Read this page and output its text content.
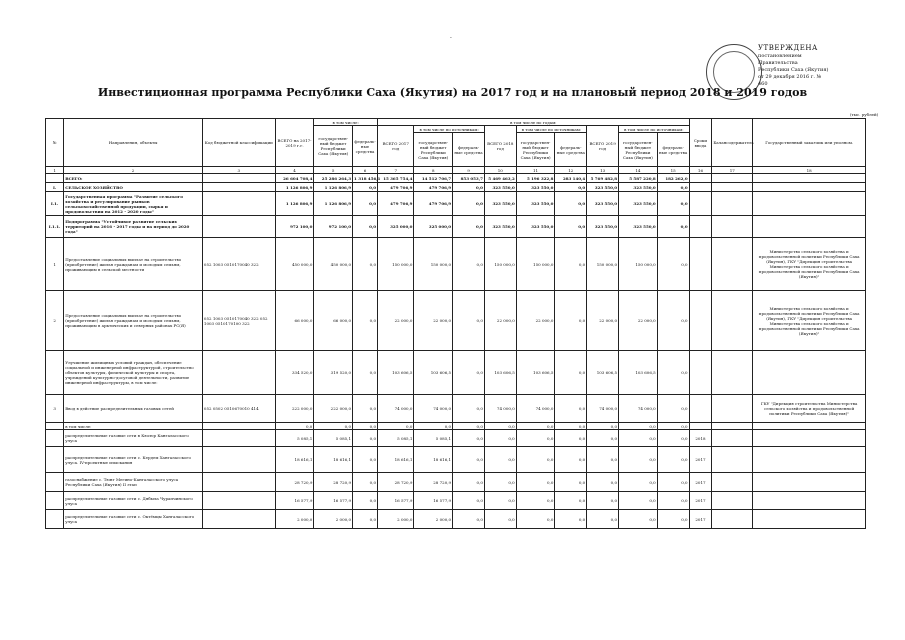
·
УТВЕРЖДЕНА
постановлением Правительства
Республики Саха (Якутия)
от 29 декабря 2016 г. № 460
Инвестиционная программа Республики Саха (Якутия) на 2017 год и на плановый период 2018 и 2019 годов
(тыс. рублей)
№	Направления, объекты	Код бюджетной классификации	ВСЕГО на 2017-2019 г.г.	в том числе:		в том числе по годам:									Сроки ввода	Балансодержатель	Государственный заказчик или уполном.
				государствен-ный бюджет Республики Саха (Якутия)	федераль-ные средства	ВСЕГО 2017 год	в том числе по источникам:		ВСЕГО 2018 год	в том числе по источникам:		ВСЕГО 2019 год	в том числе по источникам:				
							государствен-ный бюджет Республики Саха (Якутия)	федераль-ные средства		государствен-ный бюджет Республики Саха (Якутия)	федераль-ные средства		государствен-ный бюджет Республики Саха (Якутия)	федераль-ные средства			
1	2	3	4	5	6	7	8	9	10	11	12	13	14	15	16	17	18
	ВСЕГО:		26 604 708,4	25 286 264,3	1 318 456,1	15 365 754,4	14 512 706,7	853 053,7	5 469 463,2	5 196 322,8	283 140,4	5 769 482,8	5 587 220,8	182 262,0			
I.	СЕЛЬСКОЕ ХОЗЯЙСТВО		1 126 806,9	1 126 806,9	0,0	479 706,9	479 706,9	0,0	323 550,0	323 550,0	0,0	323 550,0	323 550,0	0,0			
I.1.	Государственная программа "Развитие сельского хозяйства и регулирование рынков сельскохозяйственной продукции, сырья и продовольствия на 2012 - 2020 годы"		1 126 806,9	1 126 806,9	0,0	479 706,9	479 706,9	0,0	323 550,0	323 550,0	0,0	323 550,0	323 550,0	0,0			
I.1.1.	Подпрограмма "Устойчивое развитие сельских территорий на 2016 - 2017 годы и на период до 2020 года"		972 100,0	972 100,0	0,0	325 000,0	325 000,0	0,0	323 550,0	323 550,0	0,0	323 550,0	323 550,0	0,0			
1	Предоставление социальных выплат на строительство (приобретение) жилья гражданам и молодым семьям, проживающим в сельской местности	052 1003 0510170040 322	450 000,0	450 000,0	0,0	150 000,0	150 000,0	0,0	150 000,0	150 000,0	0,0	150 000,0	150 000,0	0,0			Министерство сельского хозяйства и продовольственной политики Республики Саха (Якутия), ГКУ "Дирекция строительства Министерства сельского хозяйства и продовольственной политики Республики Саха (Якутия)"
2	Предоставление социальных выплат на строительство (приобретение) жилья гражданам и молодым семьям, проживающим в арктических и северных районах РС(Я)	052 1003 0510170040 322 052 1003 0510170100 322	66 000,0	66 000,0	0,0	22 000,0	22 000,0	0,0	22 000,0	22 000,0	0,0	22 000,0	22 000,0	0,0			Министерство сельского хозяйства и продовольственной политики Республики Саха (Якутия), ГКУ "Дирекция строительства Министерства сельского хозяйства и продовольственной политики Республики Саха (Якутия)"
	Улучшение жилищных условий граждан, обеспечение социальной и инженерной инфраструктурой, строительство объектов культуры, физической культуры и спорта, учреждений культурно-досуговой деятельности, развитие инженерной инфраструктуры, в том числе:		334 520,0	319 520,0	0,0	103 606,5	103 606,5	0,0	103 606,5	103 606,5	0,0	103 606,5	103 606,5	0,0			
3	Ввод в действие распределительных газовых сетей	052 0502 0510670010 414	222 000,0	222 000,0	0,0	74 000,0	74 000,0	0,0	74 000,0	74 000,0	0,0	74 000,0	74 000,0	0,0			ГКУ "Дирекция строительства Министерства сельского хозяйства и продовольственной политики Республики Саха (Якутия)"
	в том числе:		0,0	0,0	0,0	0,0	0,0	0,0	0,0	0,0	0,0	0,0	0,0	0,0			
	распределительные газовые сети в Кюсюр Кангаласского улуса		5 085,1	5 085,1	0,0	5 085,1	5 085,1	0,0	0,0	0,0	0,0	0,0	0,0	0,0	2018		
	распределительные газовые сети с. Кердем Хангаласского улуса. IV-проектные изыскания		18 616,1	18 616,1	0,0	18 616,1	18 616,1	0,0	0,0	0,0	0,0	0,0	0,0	0,0	2017		
	газоснабжение с. Тюнг Мегино-Кангаласского улуса Республики Саха (Якутия) II этап		28 720,9	28 720,9	0,0	28 720,9	28 720,9	0,0	0,0	0,0	0,0	0,0	0,0	0,0	2017		
	распределительные газовые сети с. Дябыла Чурапчинского улуса		16 577,9	16 577,9	0,0	16 577,9	16 577,9	0,0	0,0	0,0	0,0	0,0	0,0	0,0	2017		
	распределительные газовые сети с. Октёмцы Хангаласского улуса		2 000,0	2 000,0	0,0	2 000,0	2 000,0	0,0	0,0	0,0	0,0	0,0	0,0	0,0	2017		
